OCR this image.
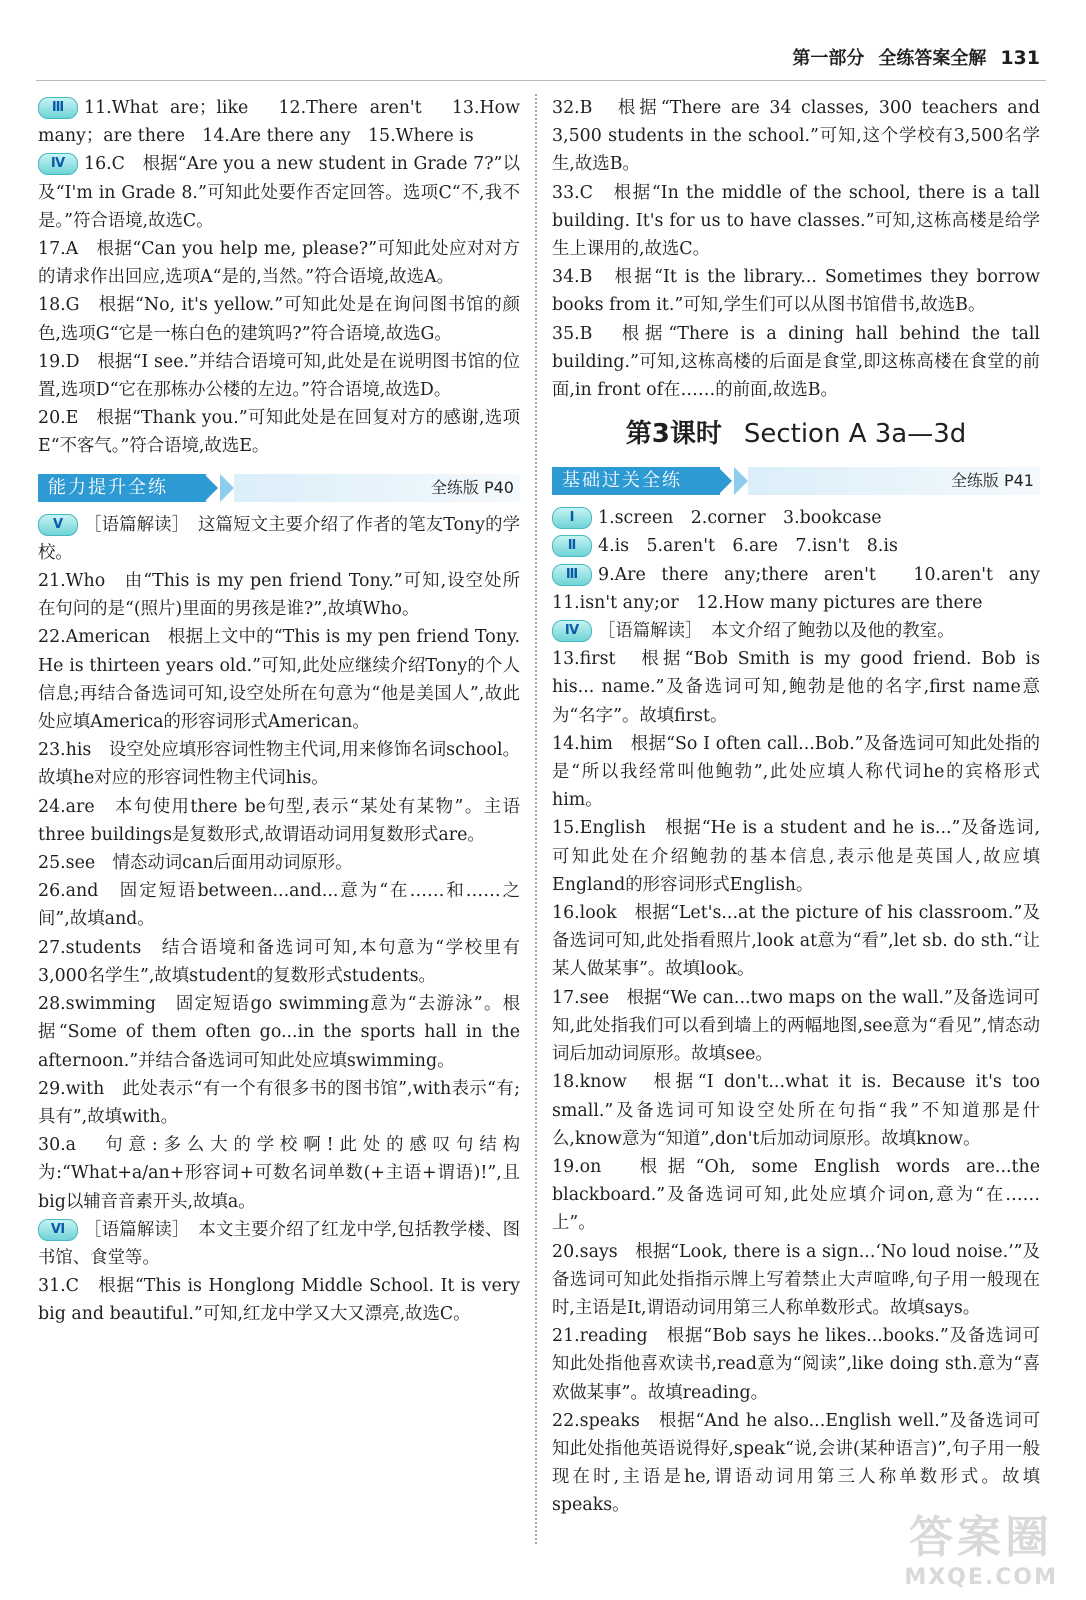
第一部分 全练答案全解 131

Ⅲ 11.What are；like　12.There aren't　13.How many；are there　14.Are there any　15.Where is

Ⅳ 16.C　根据“Are you a new student in Grade 7?”以及“I'm in Grade 8.”可知此处要作否定回答。选项C“不,我不是。”符合语境,故选C。

17.A　根据“Can you help me, please?”可知此处应对对方的请求作出回应,选项A“是的,当然。”符合语境,故选A。

18.G　根据“No, it's yellow.”可知此处是在询问图书馆的颜色,选项G“它是一栋白色的建筑吗?”符合语境,故选G。

19.D　根据“I see.”并结合语境可知,此处是在说明图书馆的位置,选项D“它在那栋办公楼的左边。”符合语境,故选D。

20.E　根据“Thank you.”可知此处是在回复对方的感谢,选项E“不客气。”符合语境,故选E。

能力提升全练	全练版 P40

Ⅴ ［语篇解读］　这篇短文主要介绍了作者的笔友Tony的学校。

21.Who　由“This is my pen friend Tony.”可知,设空处所在句问的是“(照片)里面的男孩是谁?”,故填Who。

22.American　根据上文中的“This is my pen friend Tony. He is thirteen years old.”可知,此处应继续介绍Tony的个人信息;再结合备选词可知,设空处所在句意为“他是美国人”,故此处应填America的形容词形式American。

23.his　设空处应填形容词性物主代词,用来修饰名词school。故填he对应的形容词性物主代词his。

24.are　本句使用there be句型,表示“某处有某物”。主语three buildings是复数形式,故谓语动词用复数形式are。

25.see　情态动词can后面用动词原形。

26.and　固定短语between...and...意为“在……和……之间”,故填and。

27.students　结合语境和备选词可知,本句意为“学校里有3,000名学生”,故填student的复数形式students。

28.swimming　固定短语go swimming意为“去游泳”。根据“Some of them often go...in the sports hall in the afternoon.”并结合备选词可知此处应填swimming。

29.with　此处表示“有一个有很多书的图书馆”,with表示“有;具有”,故填with。

30.a　句意:多么大的学校啊!此处的感叹句结构为:“What+a/an+形容词+可数名词单数(+主语+谓语)!”,且big以辅音音素开头,故填a。

Ⅵ ［语篇解读］　本文主要介绍了红龙中学,包括教学楼、图书馆、食堂等。

31.C　根据“This is Honglong Middle School. It is very big and beautiful.”可知,红龙中学又大又漂亮,故选C。

32.B　根据“There are 34 classes, 300 teachers and 3,500 students in the school.”可知,这个学校有3,500名学生,故选B。

33.C　根据“In the middle of the school, there is a tall building. It's for us to have classes.”可知,这栋高楼是给学生上课用的,故选C。

34.B　根据“It is the library... Sometimes they borrow books from it.”可知,学生们可以从图书馆借书,故选B。

35.B　根据“There is a dining hall behind the tall building.”可知,这栋高楼的后面是食堂,即这栋高楼在食堂的前面,in front of在……的前面,故选B。

第3课时 Section A 3a—3d
基础过关全练	全练版 P41

Ⅰ 1.screen　2.corner　3.bookcase

Ⅱ 4.is　5.aren't　6.are　7.isn't　8.is

Ⅲ 9.Are there any;there aren't　10.aren't any　11.isn't any;or　12.How many pictures are there

Ⅳ ［语篇解读］　本文介绍了鲍勃以及他的教室。

13.first　根据“Bob Smith is my good friend. Bob is his... name.”及备选词可知,鲍勃是他的名字,first name意为“名字”。故填first。

14.him　根据“So I often call...Bob.”及备选词可知此处指的是“所以我经常叫他鲍勃”,此处应填人称代词he的宾格形式him。

15.English　根据“He is a student and he is...”及备选词,可知此处在介绍鲍勃的基本信息,表示他是英国人,故应填England的形容词形式English。

16.look　根据“Let's...at the picture of his classroom.”及备选词可知,此处指看照片,look at意为“看”,let sb. do sth.“让某人做某事”。故填look。

17.see　根据“We can...two maps on the wall.”及备选词可知,此处指我们可以看到墙上的两幅地图,see意为“看见”,情态动词后加动词原形。故填see。

18.know　根据“I don't...what it is. Because it's too small.”及备选词可知设空处所在句指“我”不知道那是什么,know意为“知道”,don't后加动词原形。故填know。

19.on　根据“Oh, some English words are...the blackboard.”及备选词可知,此处应填介词on,意为“在……上”。

20.says　根据“Look, there is a sign...‘No loud noise.’”及备选词可知此处指指示牌上写着禁止大声喧哗,句子用一般现在时,主语是It,谓语动词用第三人称单数形式。故填says。

21.reading　根据“Bob says he likes...books.”及备选词可知此处指他喜欢读书,read意为“阅读”,like doing sth.意为“喜欢做某事”。故填reading。

22.speaks　根据“And he also...English well.”及备选词可知此处指他英语说得好,speak“说,会讲(某种语言)”,句子用一般现在时,主语是he,谓语动词用第三人称单数形式。故填speaks。

答案圈
MXQE.COM
